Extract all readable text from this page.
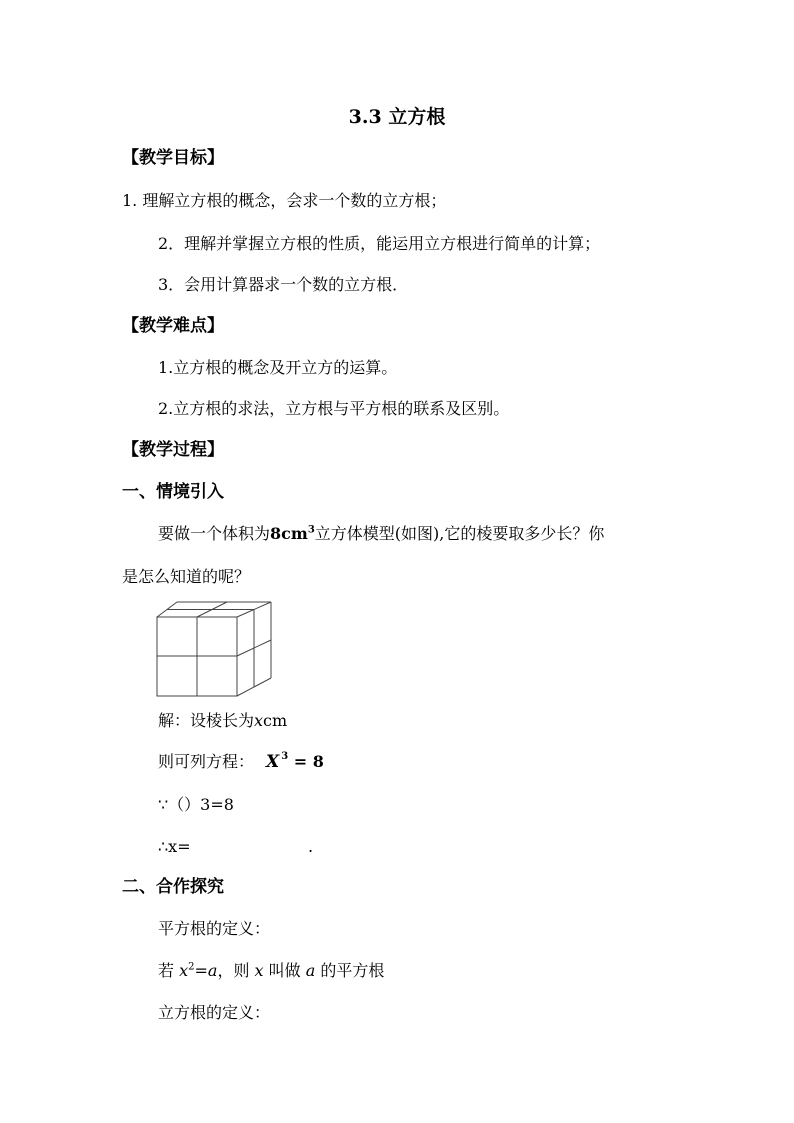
3.3 立方根
【教学目标】
1. 理解立方根的概念，会求一个数的立方根；
2．理解并掌握立方根的性质，能运用立方根进行简单的计算；
3．会用计算器求一个数的立方根．
【教学难点】
1.立方根的概念及开立方的运算。
2.立方根的求法，立方根与平方根的联系及区别。
【教学过程】
一、情境引入
要做一个体积为$8cm^3$立方体模型(如图),它的棱要取多少长？你
是怎么知道的呢？
解：设棱长为xcm
则可列方程： X $^3$ = 8
∵（）3=8
∴x=	.
二、合作探究
平方根的定义：
若 $x^2=a$，则 x 叫做 a 的平方根
立方根的定义：
